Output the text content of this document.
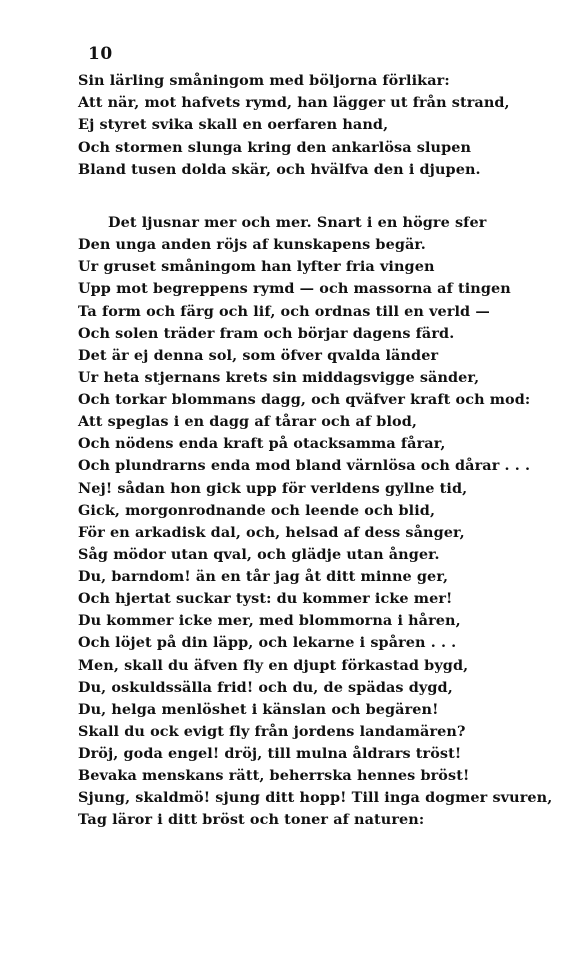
10
Sin lärling småningom med böljorna förlikar:
Att när, mot hafvets rymd, han lägger ut från strand,
Ej styret svika skall en oerfaren hand,
Och stormen slunga kring den ankarlösa slupen
Bland tusen dolda skär, och hvälfva den i djupen.
Det ljusnar mer och mer. Snart i en högre sfer
Den unga anden röjs af kunskapens begär.
Ur gruset småningom han lyfter fria vingen
Upp mot begreppens rymd — och massorna af tingen
Ta form och färg och lif, och ordnas till en verld —
Och solen träder fram och börjar dagens färd.
Det är ej denna sol, som öfver qvalda länder
Ur heta stjernans krets sin middagsvigge sänder,
Och torkar blommans dagg, och qväfver kraft och mod:
Att speglas i en dagg af tårar och af blod,
Och nödens enda kraft på otacksamma fårar,
Och plundrarns enda mod bland värnlösa och dårar . . .
Nej! sådan hon gick upp för verldens gyllne tid,
Gick, morgonrodnande och leende och blid,
För en arkadisk dal, och, helsad af dess sånger,
Såg mödor utan qval, och glädje utan ånger.
Du, barndom! än en tår jag åt ditt minne ger,
Och hjertat suckar tyst: du kommer icke mer!
Du kommer icke mer, med blommorna i håren,
Och löjet på din läpp, och lekarne i spåren . . .
Men, skall du äfven fly en djupt förkastad bygd,
Du, oskuldssälla frid! och du, de spädas dygd,
Du, helga menlöshet i känslan och begären!
Skall du ock evigt fly från jordens landamären?
Dröj, goda engel! dröj, till mulna åldrars tröst!
Bevaka menskans rätt, beherrska hennes bröst!
Sjung, skaldmö! sjung ditt hopp! Till inga dogmer svuren,
Tag läror i ditt bröst och toner af naturen:
